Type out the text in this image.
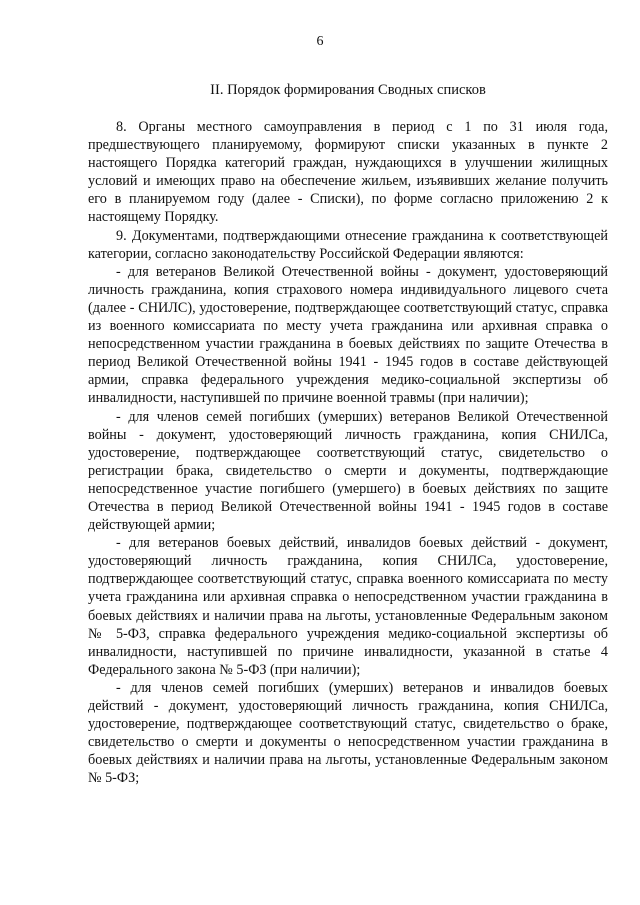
6
II. Порядок формирования Сводных списков

8. Органы местного самоуправления в период с 1 по 31 июля года, предшествующего планируемому, формируют списки указанных в пункте 2 настоящего Порядка категорий граждан, нуждающихся в улучшении жилищных условий и имеющих право на обеспечение жильем, изъявивших желание получить его в планируемом году (далее - Списки), по форме согласно приложению 2 к настоящему Порядку.

9. Документами, подтверждающими отнесение гражданина к соответствующей категории, согласно законодательству Российской Федерации являются:

- для ветеранов Великой Отечественной войны - документ, удостоверяющий личность гражданина, копия страхового номера индивидуального лицевого счета (далее - СНИЛС), удостоверение, подтверждающее соответствующий статус, справка из военного комиссариата по месту учета гражданина или архивная справка о непосредственном участии гражданина в боевых действиях по защите Отечества в период Великой Отечественной войны 1941 - 1945 годов в составе действующей армии, справка федерального учреждения медико-социальной экспертизы об инвалидности, наступившей по причине военной травмы (при наличии);

- для членов семей погибших (умерших) ветеранов Великой Отечественной войны - документ, удостоверяющий личность гражданина, копия СНИЛСа, удостоверение, подтверждающее соответствующий статус, свидетельство о регистрации брака, свидетельство о смерти и документы, подтверждающие непосредственное участие погибшего (умершего) в боевых действиях по защите Отечества в период Великой Отечественной войны 1941 - 1945 годов в составе действующей армии;

- для ветеранов боевых действий, инвалидов боевых действий - документ, удостоверяющий личность гражданина, копия СНИЛСа, удостоверение, подтверждающее соответствующий статус, справка военного комиссариата по месту учета гражданина или архивная справка о непосредственном участии гражданина в боевых действиях и наличии права на льготы, установленные Федеральным законом № 5-ФЗ, справка федерального учреждения медико-социальной экспертизы об инвалидности, наступившей по причине инвалидности, указанной в статье 4 Федерального закона № 5-ФЗ (при наличии);

- для членов семей погибших (умерших) ветеранов и инвалидов боевых действий - документ, удостоверяющий личность гражданина, копия СНИЛСа, удостоверение, подтверждающее соответствующий статус, свидетельство о браке, свидетельство о смерти и документы о непосредственном участии гражданина в боевых действиях и наличии права на льготы, установленные Федеральным законом № 5-ФЗ;
